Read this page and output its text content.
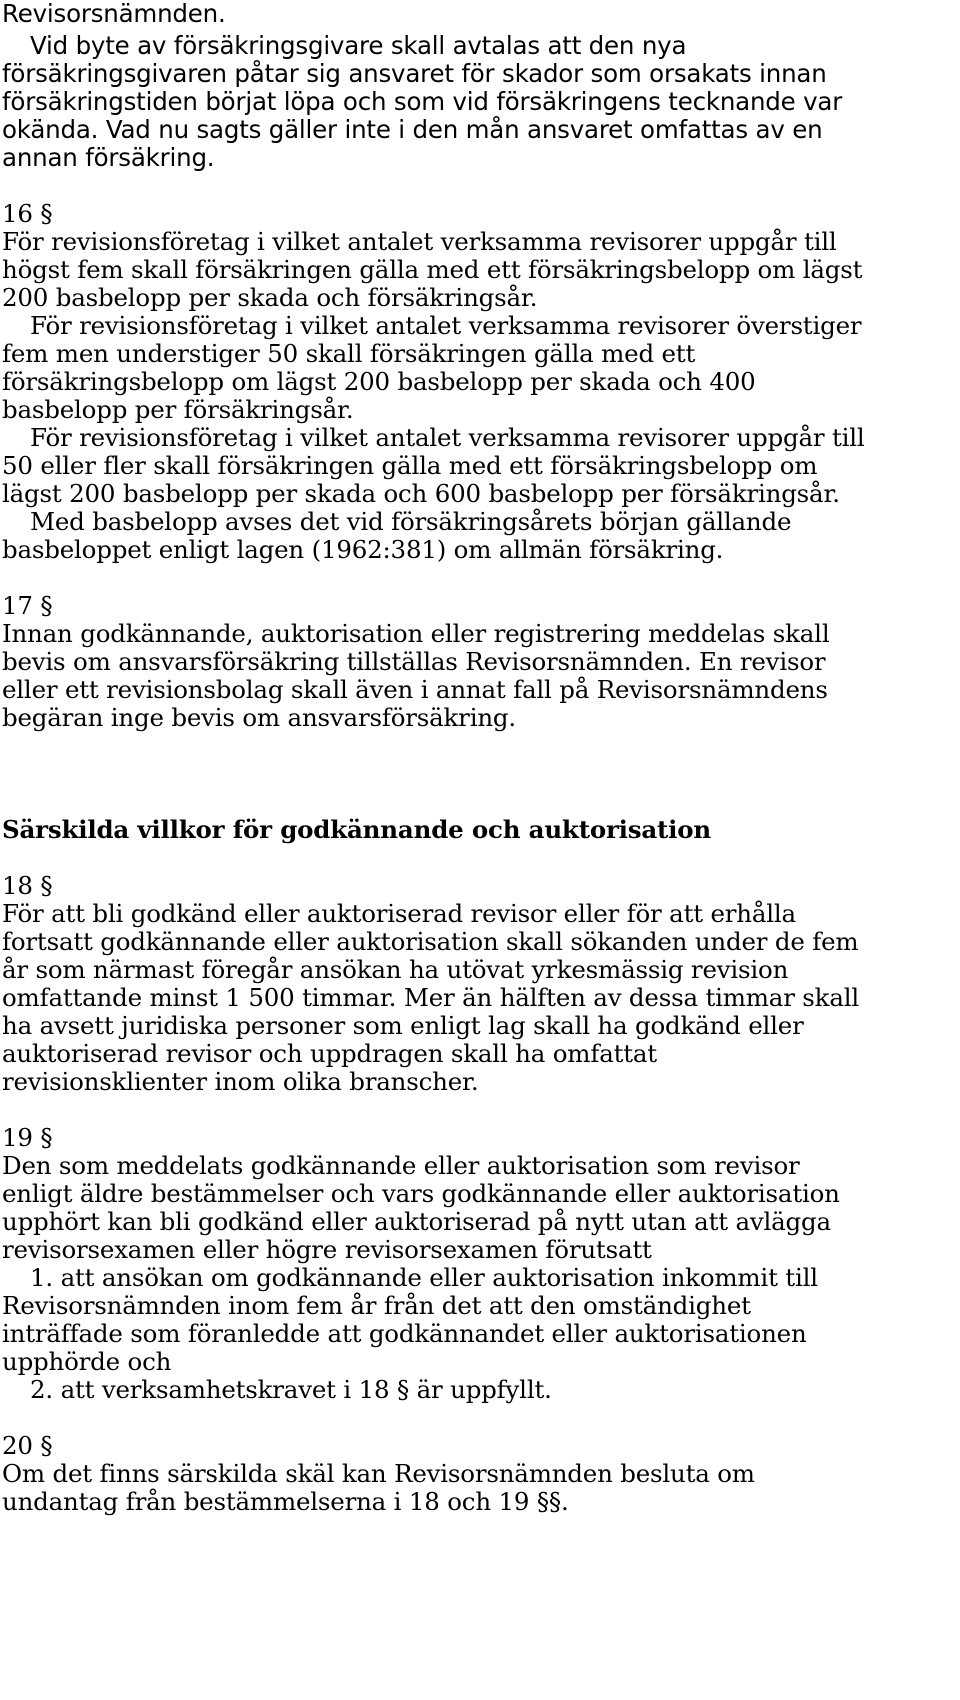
Revisorsnämnden.
Vid byte av försäkringsgivare skall avtalas att den nya
försäkringsgivaren påtar sig ansvaret för skador som orsakats innan
försäkringstiden börjat löpa och som vid försäkringens tecknande var
okända. Vad nu sagts gäller inte i den mån ansvaret omfattas av en
annan försäkring.
16 §
För revisionsföretag i vilket antalet verksamma revisorer uppgår till
högst fem skall försäkringen gälla med ett försäkringsbelopp om lägst
200 basbelopp per skada och försäkringsår.
För revisionsföretag i vilket antalet verksamma revisorer överstiger
fem men understiger 50 skall försäkringen gälla med ett
försäkringsbelopp om lägst 200 basbelopp per skada och 400
basbelopp per försäkringsår.
För revisionsföretag i vilket antalet verksamma revisorer uppgår till
50 eller fler skall försäkringen gälla med ett försäkringsbelopp om
lägst 200 basbelopp per skada och 600 basbelopp per försäkringsår.
Med basbelopp avses det vid försäkringsårets början gällande
basbeloppet enligt lagen (1962:381) om allmän försäkring.
17 §
Innan godkännande, auktorisation eller registrering meddelas skall
bevis om ansvarsförsäkring tillställas Revisorsnämnden. En revisor
eller ett revisionsbolag skall även i annat fall på Revisorsnämndens
begäran inge bevis om ansvarsförsäkring.
Särskilda villkor för godkännande och auktorisation
18 §
För att bli godkänd eller auktoriserad revisor eller för att erhålla
fortsatt godkännande eller auktorisation skall sökanden under de fem
år som närmast föregår ansökan ha utövat yrkesmässig revision
omfattande minst 1 500 timmar. Mer än hälften av dessa timmar skall
ha avsett juridiska personer som enligt lag skall ha godkänd eller
auktoriserad revisor och uppdragen skall ha omfattat
revisionsklienter inom olika branscher.
19 §
Den som meddelats godkännande eller auktorisation som revisor
enligt äldre bestämmelser och vars godkännande eller auktorisation
upphört kan bli godkänd eller auktoriserad på nytt utan att avlägga
revisorsexamen eller högre revisorsexamen förutsatt
1. att ansökan om godkännande eller auktorisation inkommit till
Revisorsnämnden inom fem år från det att den omständighet
inträffade som föranledde att godkännandet eller auktorisationen
upphörde och
2. att verksamhetskravet i 18 § är uppfyllt.
20 §
Om det finns särskilda skäl kan Revisorsnämnden besluta om
undantag från bestämmelserna i 18 och 19 §§.
